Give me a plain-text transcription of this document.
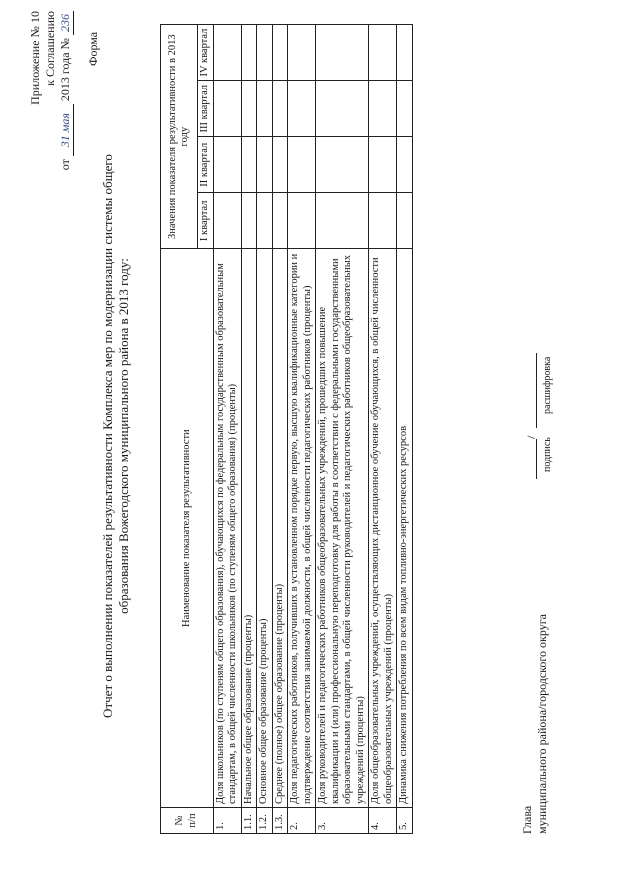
Приложение № 10 к Соглашению
от 31 мая 2013 года № 236
Форма
Отчет о выполнении показателей результативности Комплекса мер по модернизации системы общего образования Вожегодского муниципального района в 2013 году:
№ п/п	Наименование показателя результативности	Значения показателя результативности в 2013 году			
		I квартал	II квартал	III квартал	IV квартал
1.	Доля школьников (по ступеням общего образования), обучающихся по федеральным государственным образовательным стандартам, в общей численности школьников (по ступеням общего образования) (проценты)				
1.1.	Начальное общее образование (проценты)				
1.2.	Основное общее образование (проценты)				
1.3.	Среднее (полное) общее образование (проценты)				
2.	Доля педагогических работников, получивших в установленном порядке первую, высшую квалификационные категории и подтверждение соответствия занимаемой должности, в общей численности педагогических работников (проценты)				
3.	Доля руководителей и педагогических работников общеобразовательных учреждений, прошедших повышение квалификации и (или) профессиональную переподготовку для работы в соответствии с федеральными государственными образовательными стандартами, в общей численности руководителей и педагогических работников общеобразовательных учреждений (проценты)				
4.	Доля общеобразовательных учреждений, осуществляющих дистанционное обучение обучающихся, в общей численности общеобразовательных учреждений (проценты)				
5.	Динамика снижения потребления по всем видам топливно-энергетических ресурсов				
Глава муниципального района/городского округа
/ подпись
расшифровка
